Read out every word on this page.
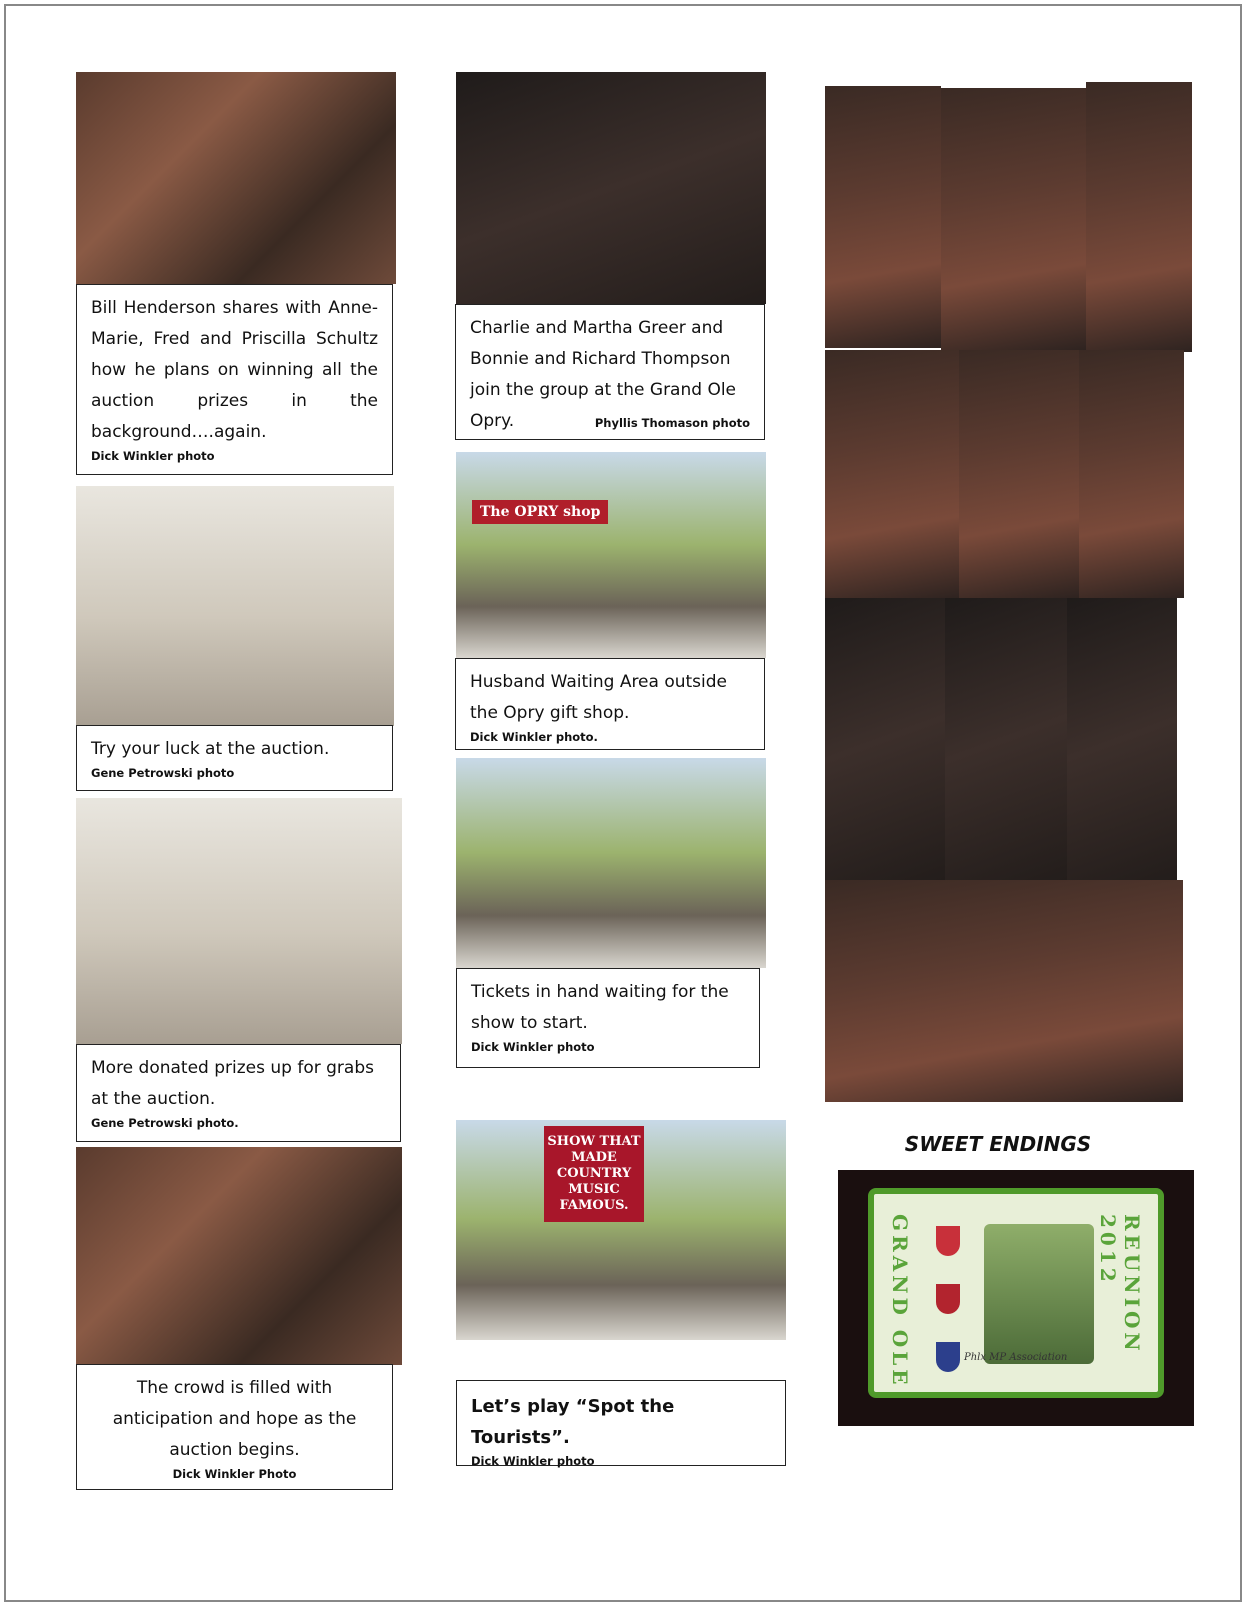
Bill Henderson shares with Anne-Marie, Fred and Priscilla Schultz how he plans on winning all the auction prizes in the background….again.
Dick Winkler photo
Try your luck at the auction.
Gene Petrowski photo
More donated prizes up for grabs at the auction.
Gene Petrowski photo.
The crowd is filled with anticipation and hope as the auction begins.
Dick Winkler Photo
Charlie and Martha Greer and Bonnie and Richard Thompson join the group at the Grand Ole Opry.	Phyllis Thomason photo
The OPRY shop
Husband Waiting Area outside the Opry gift shop.
Dick Winkler photo.
Tickets in hand waiting for the show to start.
Dick Winkler photo
SHOW THAT MADE COUNTRY MUSIC FAMOUS.
Let’s play “Spot the Tourists”.
Dick Winkler photo
SWEET ENDINGS
GRAND OLE	Phlx MP Association
REUNION 2012
